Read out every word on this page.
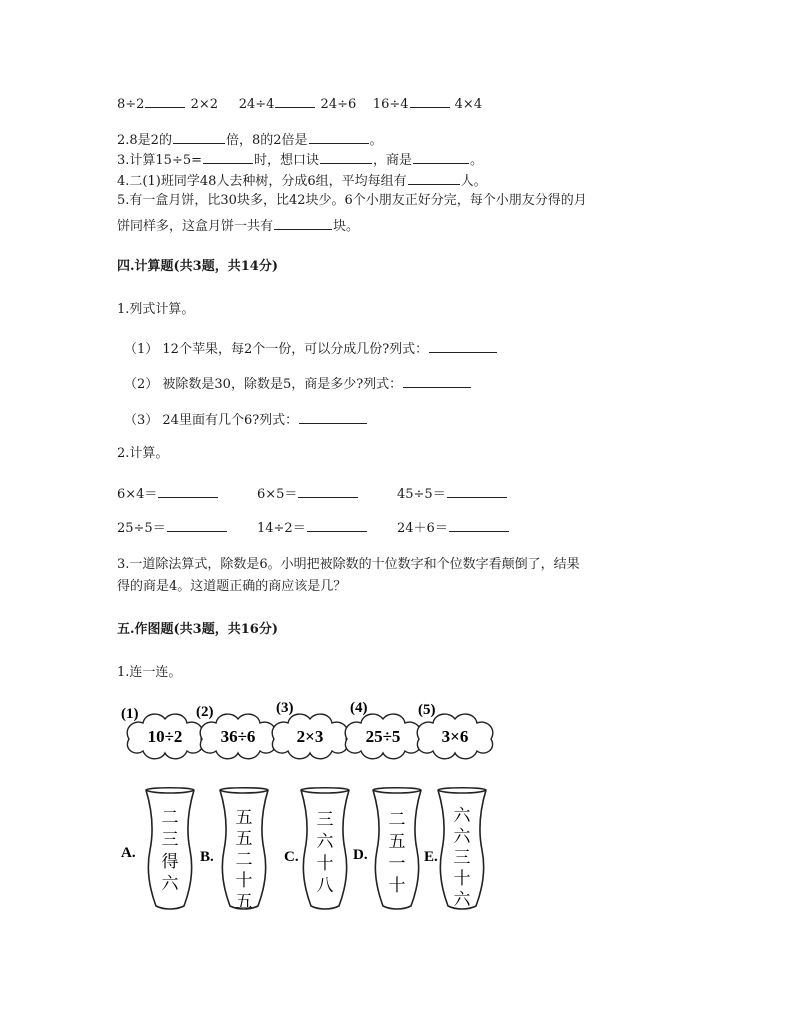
8÷2	2×2 24÷4	24÷6 16÷4	4×4
2.8是2的	倍，8的2倍是	。
3.计算15÷5=	时，想口诀	，商是	。
4.二(1)班同学48人去种树，分成6组，平均每组有	人。
5.有一盒月饼，比30块多，比42块少。6个小朋友正好分完，每个小朋友分得的月
饼同样多，这盒月饼一共有	块。
四.计算题(共3题，共14分)
1.列式计算。
（1） 12个苹果，每2个一份，可以分成几份?列式：
（2） 被除数是30，除数是5，商是多少?列式：
（3） 24里面有几个6?列式：
2.计算。
6×4＝	6×5＝	45÷5＝
25÷5＝	14÷2＝	24＋6＝
3.一道除法算式，除数是6。小明把被除数的十位数字和个位数字看颠倒了，结果
得的商是4。这道题正确的商应该是几？
五.作图题(共3题，共16分)
1.连一连。
(1)
10÷2
(2)
36÷6
(3)
2×3
(4)
25÷5
(5)
3×6
A.
二
三
得
六
B.
五
五
二
十
五
C.
三
六
十
八
D.
二
五
一
十
E.
六
六
三
十
六
